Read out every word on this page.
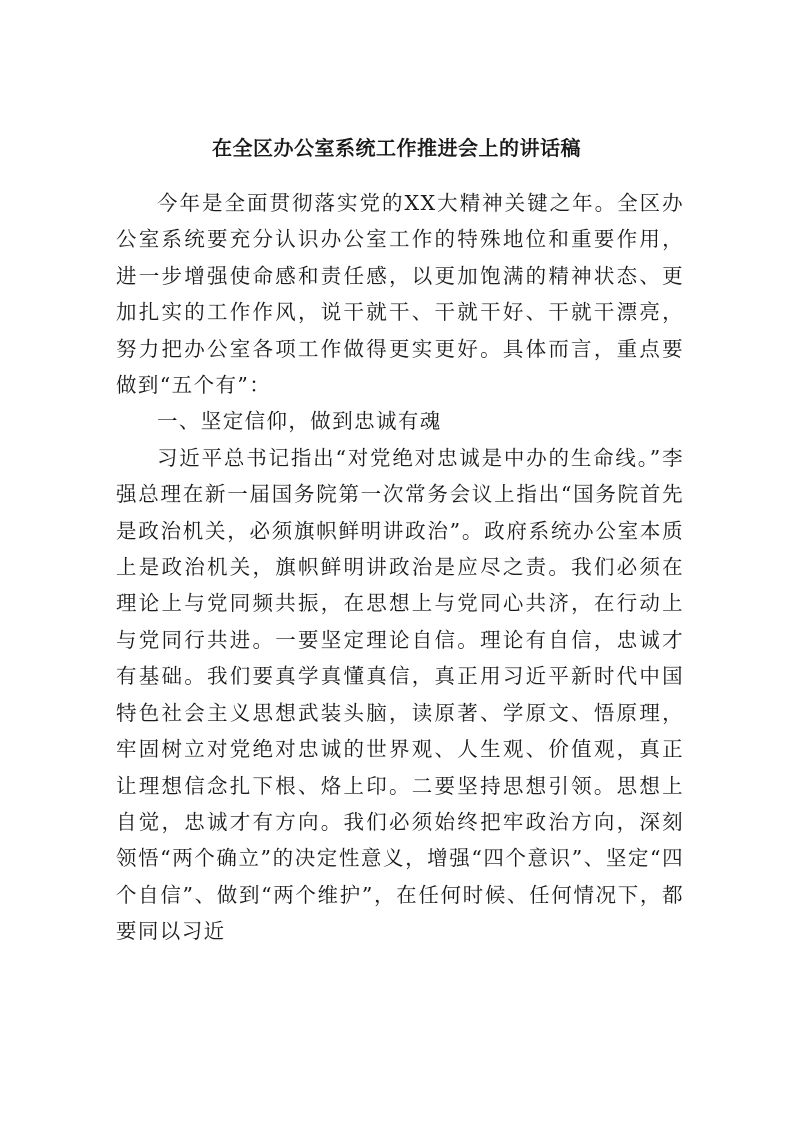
在全区办公室系统工作推进会上的讲话稿

今年是全面贯彻落实党的XX大精神关键之年。全区办公室系统要充分认识办公室工作的特殊地位和重要作用，进一步增强使命感和责任感，以更加饱满的精神状态、更加扎实的工作作风，说干就干、干就干好、干就干漂亮，努力把办公室各项工作做得更实更好。具体而言，重点要做到“五个有”：

一、坚定信仰，做到忠诚有魂

习近平总书记指出“对党绝对忠诚是中办的生命线。”李强总理在新一届国务院第一次常务会议上指出“国务院首先是政治机关，必须旗帜鲜明讲政治”。政府系统办公室本质上是政治机关，旗帜鲜明讲政治是应尽之责。我们必须在理论上与党同频共振，在思想上与党同心共济，在行动上与党同行共进。一要坚定理论自信。理论有自信，忠诚才有基础。我们要真学真懂真信，真正用习近平新时代中国特色社会主义思想武装头脑，读原著、学原文、悟原理，牢固树立对党绝对忠诚的世界观、人生观、价值观，真正让理想信念扎下根、烙上印。二要坚持思想引领。思想上自觉，忠诚才有方向。我们必须始终把牢政治方向，深刻领悟“两个确立”的决定性意义，增强“四个意识”、坚定“四个自信”、做到“两个维护”，在任何时候、任何情况下，都要同以习近
